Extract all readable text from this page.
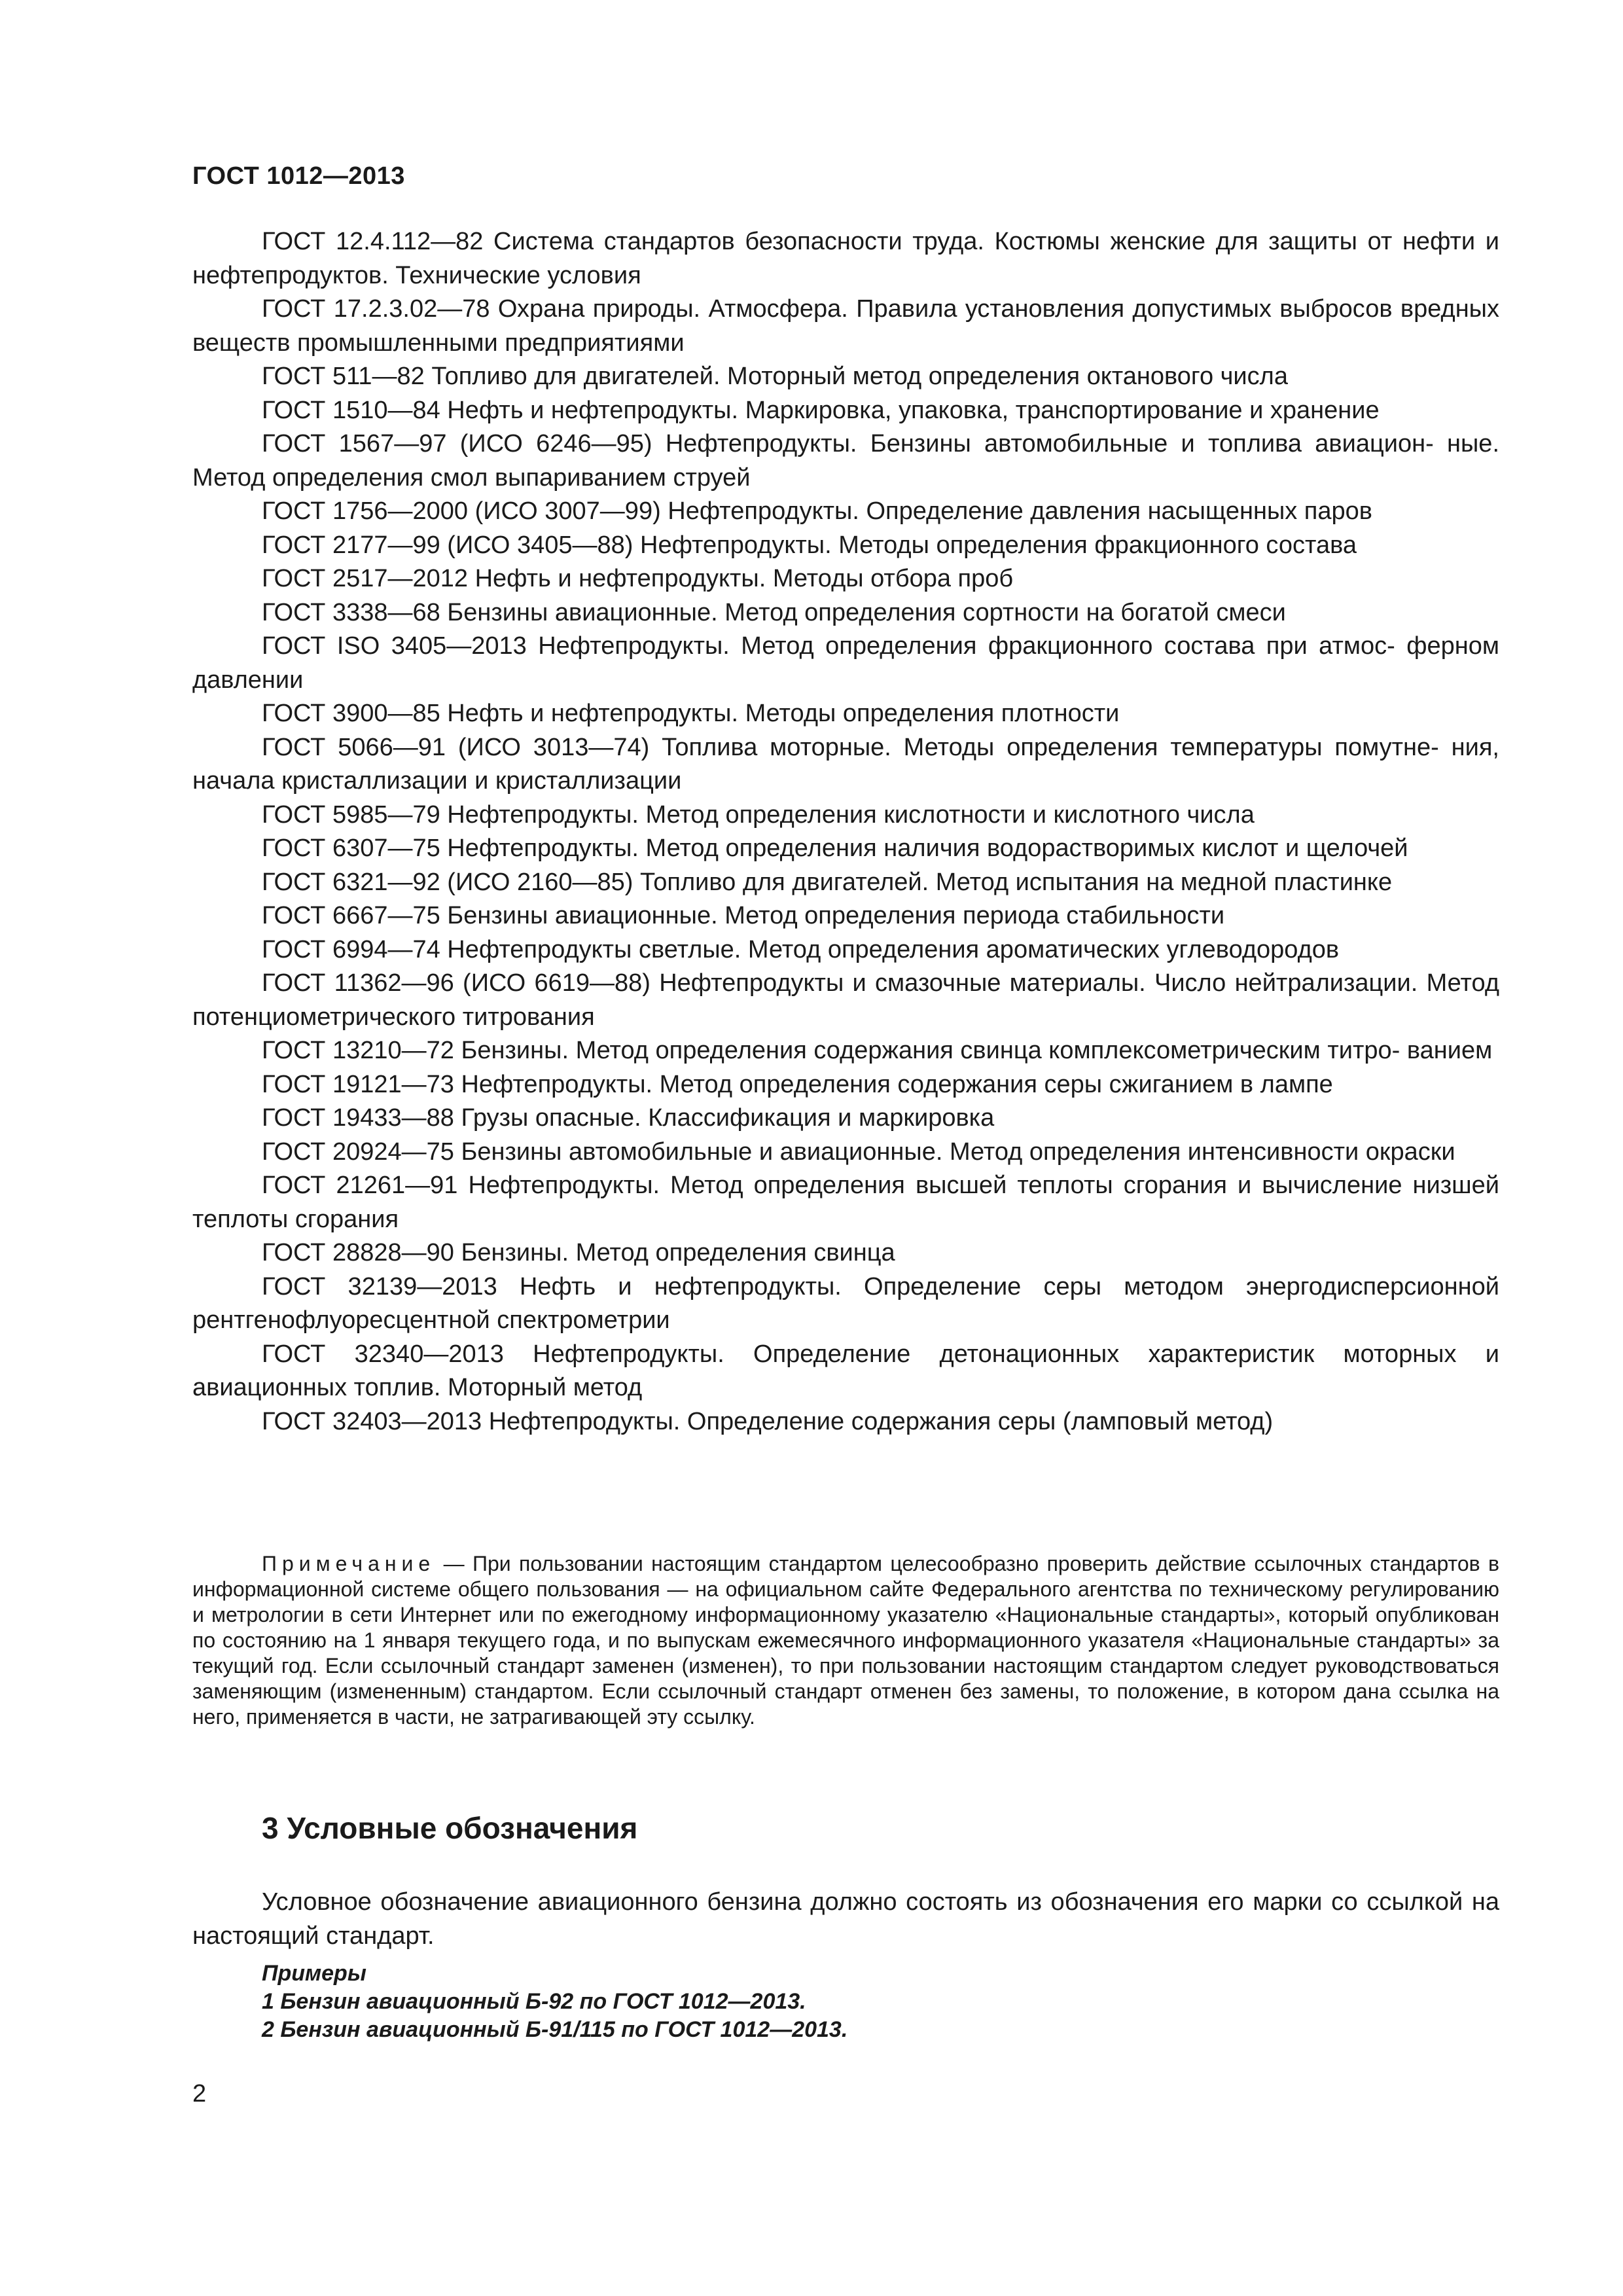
ГОСТ 1012—2013
ГОСТ 12.4.112—82 Система стандартов безопасности труда. Костюмы женские для защиты от нефти и нефтепродуктов. Технические условия
ГОСТ 17.2.3.02—78 Охрана природы. Атмосфера. Правила установления допустимых выбросов вредных веществ промышленными предприятиями
ГОСТ 511—82 Топливо для двигателей. Моторный метод определения октанового числа
ГОСТ 1510—84 Нефть и нефтепродукты. Маркировка, упаковка, транспортирование и хранение
ГОСТ 1567—97 (ИСО 6246—95) Нефтепродукты. Бензины автомобильные и топлива авиацион- ные. Метод определения смол выпариванием струей
ГОСТ 1756—2000 (ИСО 3007—99) Нефтепродукты. Определение давления насыщенных паров
ГОСТ 2177—99 (ИСО 3405—88) Нефтепродукты. Методы определения фракционного состава
ГОСТ 2517—2012 Нефть и нефтепродукты. Методы отбора проб
ГОСТ 3338—68 Бензины авиационные. Метод определения сортности на богатой смеси
ГОСТ ISO 3405—2013 Нефтепродукты. Метод определения фракционного состава при атмос- ферном давлении
ГОСТ 3900—85 Нефть и нефтепродукты. Методы определения плотности
ГОСТ 5066—91 (ИСО 3013—74) Топлива моторные. Методы определения температуры помутне- ния, начала кристаллизации и кристаллизации
ГОСТ 5985—79 Нефтепродукты. Метод определения кислотности и кислотного числа
ГОСТ 6307—75 Нефтепродукты. Метод определения наличия водорастворимых кислот и щелочей
ГОСТ 6321—92 (ИСО 2160—85) Топливо для двигателей. Метод испытания на медной пластинке
ГОСТ 6667—75 Бензины авиационные. Метод определения периода стабильности
ГОСТ 6994—74 Нефтепродукты светлые. Метод определения ароматических углеводородов
ГОСТ 11362—96 (ИСО 6619—88) Нефтепродукты и смазочные материалы. Число нейтрализации. Метод потенциометрического титрования
ГОСТ 13210—72 Бензины. Метод определения содержания свинца комплексометрическим титро- ванием
ГОСТ 19121—73 Нефтепродукты. Метод определения содержания серы сжиганием в лампе
ГОСТ 19433—88 Грузы опасные. Классификация и маркировка
ГОСТ 20924—75 Бензины автомобильные и авиационные. Метод определения интенсивности окраски
ГОСТ 21261—91 Нефтепродукты. Метод определения высшей теплоты сгорания и вычисление низшей теплоты сгорания
ГОСТ 28828—90 Бензины. Метод определения свинца
ГОСТ 32139—2013 Нефть и нефтепродукты. Определение серы методом энергодисперсионной рентгенофлуоресцентной спектрометрии
ГОСТ 32340—2013 Нефтепродукты. Определение детонационных характеристик моторных и авиационных топлив. Моторный метод
ГОСТ 32403—2013 Нефтепродукты. Определение содержания серы (ламповый метод)
Примечание — При пользовании настоящим стандартом целесообразно проверить действие ссылочных стандартов в информационной системе общего пользования — на официальном сайте Федерального агентства по техническому регулированию и метрологии в сети Интернет или по ежегодному информационному указателю «Национальные стандарты», который опубликован по состоянию на 1 января текущего года, и по выпускам ежемесячного информационного указателя «Национальные стандарты» за текущий год. Если ссылочный стандарт заменен (изменен), то при пользовании настоящим стандартом следует руководствоваться заменяющим (измененным) стандартом. Если ссылочный стандарт отменен без замены, то положение, в котором дана ссылка на него, применяется в части, не затрагивающей эту ссылку.
3 Условные обозначения
Условное обозначение авиационного бензина должно состоять из обозначения его марки со ссылкой на настоящий стандарт.
Примеры
1 Бензин авиационный Б-92 по ГОСТ 1012—2013.
2 Бензин авиационный Б-91/115 по ГОСТ 1012—2013.
2
